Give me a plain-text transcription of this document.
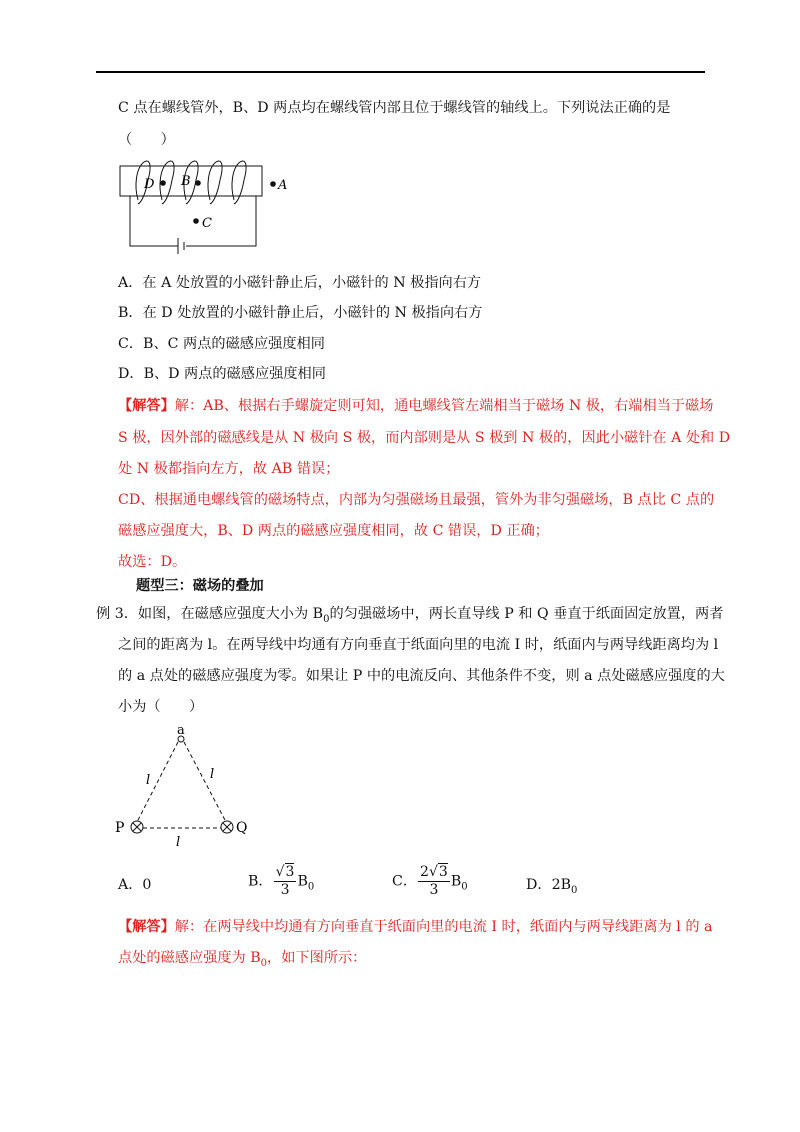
C 点在螺线管外，B、D 两点均在螺线管内部且位于螺线管的轴线上。下列说法正确的是
（　　）
D B	A
C
A．在 A 处放置的小磁针静止后，小磁针的 N 极指向右方
B．在 D 处放置的小磁针静止后，小磁针的 N 极指向右方
C．B、C 两点的磁感应强度相同
D．B、D 两点的磁感应强度相同
【解答】解：AB、根据右手螺旋定则可知，通电螺线管左端相当于磁场 N 极，右端相当于磁场
S 极，因外部的磁感线是从 N 极向 S 极，而内部则是从 S 极到 N 极的，因此小磁针在 A 处和 D
处 N 极都指向左方，故 AB 错误；
CD、根据通电螺线管的磁场特点，内部为匀强磁场且最强，管外为非匀强磁场，B 点比 C 点的
磁感应强度大，B、D 两点的磁感应强度相同，故 C 错误，D 正确；
故选：D。
题型三：磁场的叠加
例 3．如图，在磁感应强度大小为 $B_0$的匀强磁场中，两长直导线 P 和 Q 垂直于纸面固定放置，两者
之间的距离为 l。在两导线中均通有方向垂直于纸面向里的电流 I 时，纸面内与两导线距离均为 l
的 a 点处的磁感应强度为零。如果让 P 中的电流反向、其他条件不变，则 a 点处磁感应强度的大
小为（　　）
a
P	Q
l	l
l
A．0	B． $\frac{√3}{3} B_0$	C． $\frac{2√3}{3} B_0$	D．$2B_0$
【解答】解：在两导线中均通有方向垂直于纸面向里的电流 I 时，纸面内与两导线距离为 l 的 a
点处的磁感应强度为 $B_0$，如下图所示：
